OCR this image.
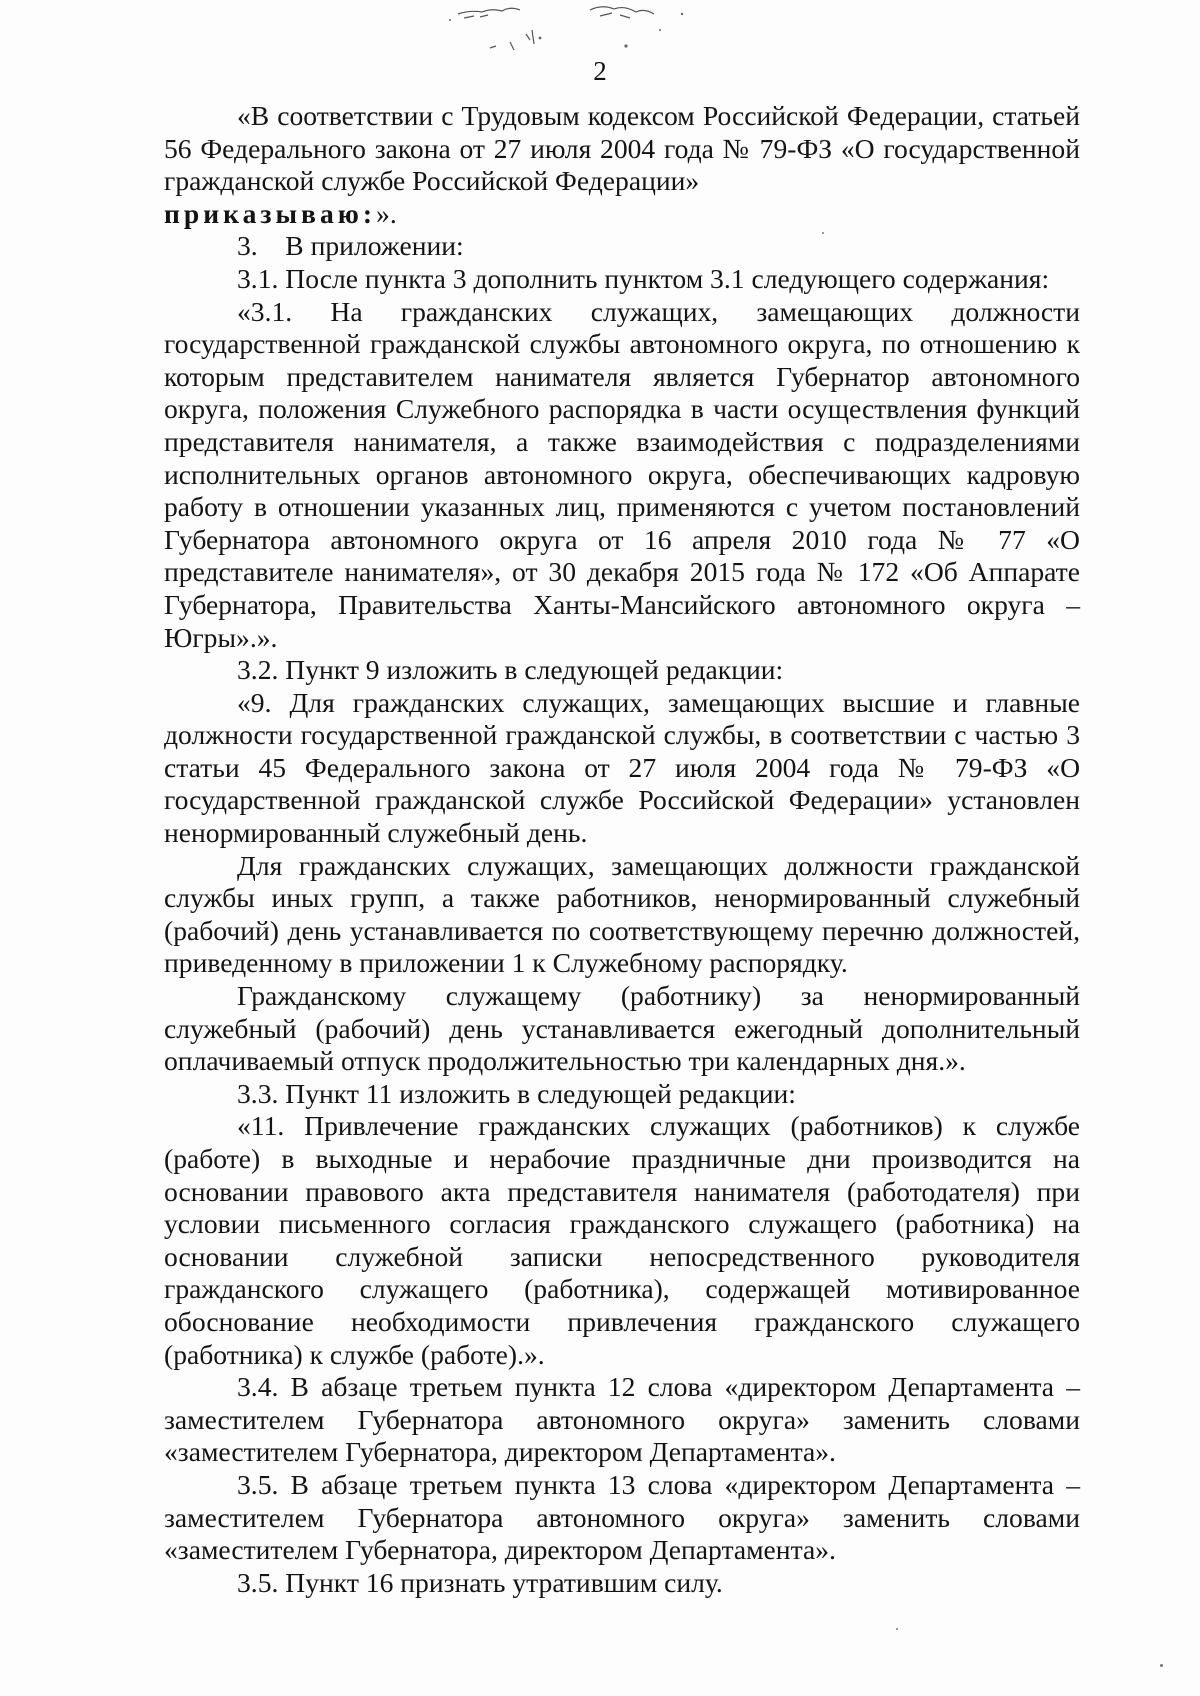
2

«В соответствии с Трудовым кодексом Российской Федерации, статьей 56 Федерального закона от 27 июля 2004 года № 79-ФЗ «О государственной гражданской службе Российской Федерации»

приказываю:».

3. В приложении:

3.1. После пункта 3 дополнить пунктом 3.1 следующего содержания:

«3.1. На гражданских служащих, замещающих должности государственной гражданской службы автономного округа, по отношению к которым представителем нанимателя является Губернатор автономного округа, положения Служебного распорядка в части осуществления функций представителя нанимателя, а также взаимодействия с подразделениями исполнительных органов автономного округа, обеспечивающих кадровую работу в отношении указанных лиц, применяются с учетом постановлений Губернатора автономного округа от 16 апреля 2010 года № 77 «О представителе нанимателя», от 30 декабря 2015 года № 172 «Об Аппарате Губернатора, Правительства Ханты-Мансийского автономного округа – Югры».».

3.2. Пункт 9 изложить в следующей редакции:

«9. Для гражданских служащих, замещающих высшие и главные должности государственной гражданской службы, в соответствии с частью 3 статьи 45 Федерального закона от 27 июля 2004 года № 79-ФЗ «О государственной гражданской службе Российской Федерации» установлен ненормированный служебный день.

Для гражданских служащих, замещающих должности гражданской службы иных групп, а также работников, ненормированный служебный (рабочий) день устанавливается по соответствующему перечню должностей, приведенному в приложении 1 к Служебному распорядку.

Гражданскому служащему (работнику) за ненормированный служебный (рабочий) день устанавливается ежегодный дополнительный оплачиваемый отпуск продолжительностью три календарных дня.».

3.3. Пункт 11 изложить в следующей редакции:

«11. Привлечение гражданских служащих (работников) к службе (работе) в выходные и нерабочие праздничные дни производится на основании правового акта представителя нанимателя (работодателя) при условии письменного согласия гражданского служащего (работника) на основании служебной записки непосредственного руководителя гражданского служащего (работника), содержащей мотивированное обоснование необходимости привлечения гражданского служащего (работника) к службе (работе).».

3.4. В абзаце третьем пункта 12 слова «директором Департамента – заместителем Губернатора автономного округа» заменить словами «заместителем Губернатора, директором Департамента».

3.5. В абзаце третьем пункта 13 слова «директором Департамента – заместителем Губернатора автономного округа» заменить словами «заместителем Губернатора, директором Департамента».

3.5. Пункт 16 признать утратившим силу.
